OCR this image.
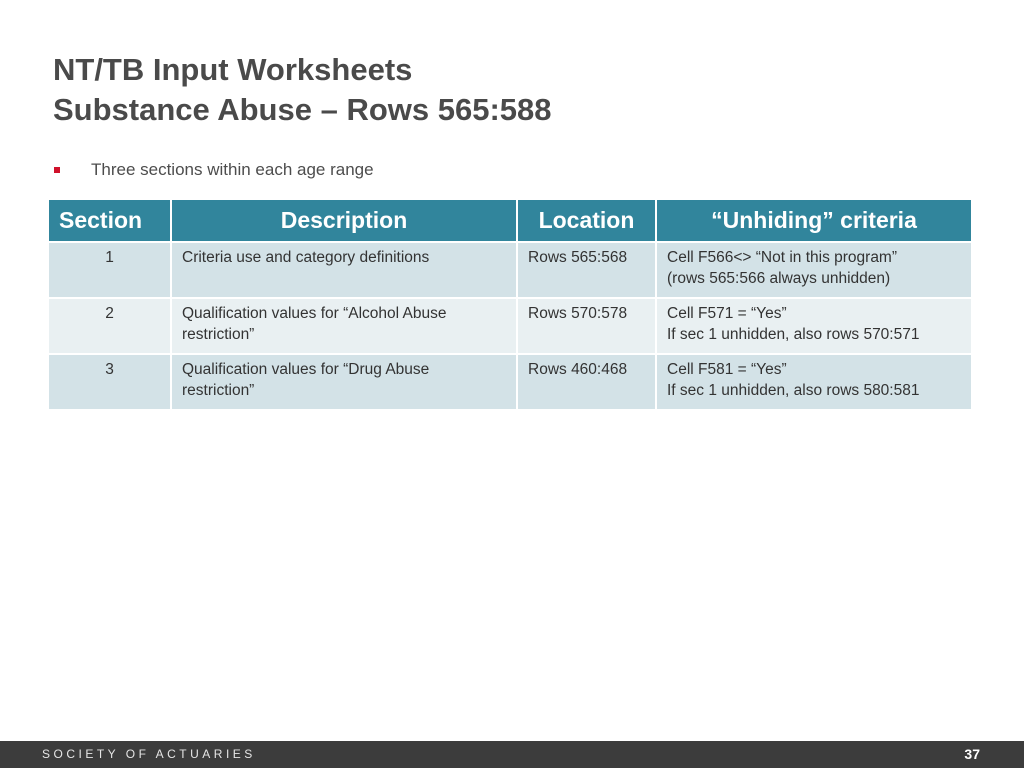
NT/TB Input Worksheets
Substance Abuse – Rows 565:588
Three sections within each age range
Section	Description	Location	“Unhiding” criteria
1	Criteria use and category definitions	Rows 565:568	Cell F566<> “Not in this program”
(rows 565:566 always unhidden)

2	Qualification values for “Alcohol Abuse
restriction”	Rows 570:578	Cell F571 = “Yes”
If sec 1 unhidden, also rows 570:571

3	Qualification values for “Drug Abuse
restriction”	Rows 460:468	Cell F581 = “Yes”
If sec 1 unhidden, also rows 580:581
SOCIETY OF ACTUARIES	37
